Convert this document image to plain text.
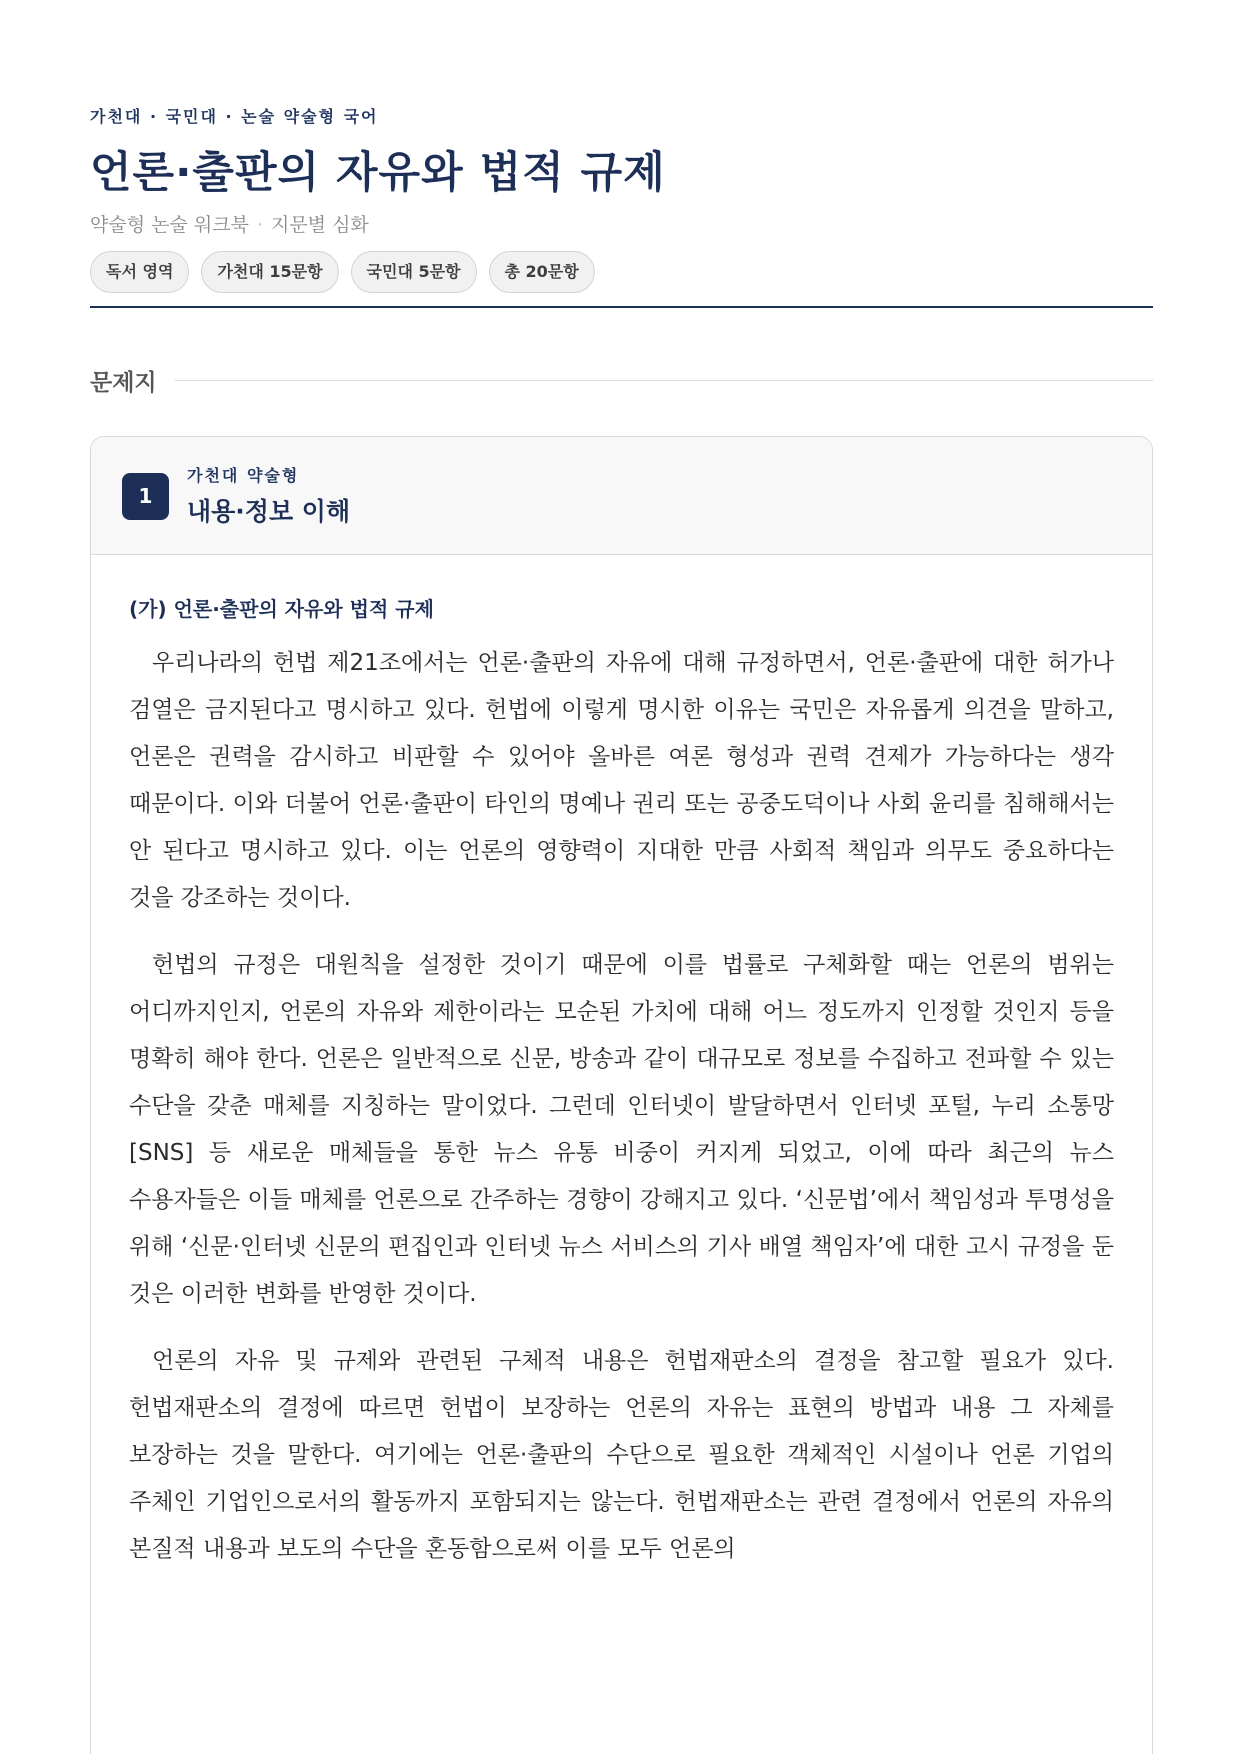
가천대 · 국민대 · 논술 약술형 국어
언론·출판의 자유와 법적 규제
약술형 논술 워크북 · 지문별 심화
독서 영역	가천대 15문항	국민대 5문항	총 20문항
문제지
1
가천대 약술형
내용·정보 이해

(가) 언론·출판의 자유와 법적 규제

우리나라의 헌법 제21조에서는 언론·출판의 자유에 대해 규정하면서, 언론·출판에 대한 허가나 검열은 금지된다고 명시하고 있다. 헌법에 이렇게 명시한 이유는 국민은 자유롭게 의견을 말하고, 언론은 권력을 감시하고 비판할 수 있어야 올바른 여론 형성과 권력 견제가 가능하다는 생각 때문이다. 이와 더불어 언론·출판이 타인의 명예나 권리 또는 공중도덕이나 사회 윤리를 침해해서는 안 된다고 명시하고 있다. 이는 언론의 영향력이 지대한 만큼 사회적 책임과 의무도 중요하다는 것을 강조하는 것이다.

헌법의 규정은 대원칙을 설정한 것이기 때문에 이를 법률로 구체화할 때는 언론의 범위는 어디까지인지, 언론의 자유와 제한이라는 모순된 가치에 대해 어느 정도까지 인정할 것인지 등을 명확히 해야 한다. 언론은 일반적으로 신문, 방송과 같이 대규모로 정보를 수집하고 전파할 수 있는 수단을 갖춘 매체를 지칭하는 말이었다. 그런데 인터넷이 발달하면서 인터넷 포털, 누리 소통망[SNS] 등 새로운 매체들을 통한 뉴스 유통 비중이 커지게 되었고, 이에 따라 최근의 뉴스 수용자들은 이들 매체를 언론으로 간주하는 경향이 강해지고 있다. ‘신문법’에서 책임성과 투명성을 위해 ‘신문·인터넷 신문의 편집인과 인터넷 뉴스 서비스의 기사 배열 책임자’에 대한 고시 규정을 둔 것은 이러한 변화를 반영한 것이다.

언론의 자유 및 규제와 관련된 구체적 내용은 헌법재판소의 결정을 참고할 필요가 있다. 헌법재판소의 결정에 따르면 헌법이 보장하는 언론의 자유는 표현의 방법과 내용 그 자체를 보장하는 것을 말한다. 여기에는 언론·출판의 수단으로 필요한 객체적인 시설이나 언론 기업의 주체인 기업인으로서의 활동까지 포함되지는 않는다. 헌법재판소는 관련 결정에서 언론의 자유의 본질적 내용과 보도의 수단을 혼동함으로써 이를 모두 언론의
